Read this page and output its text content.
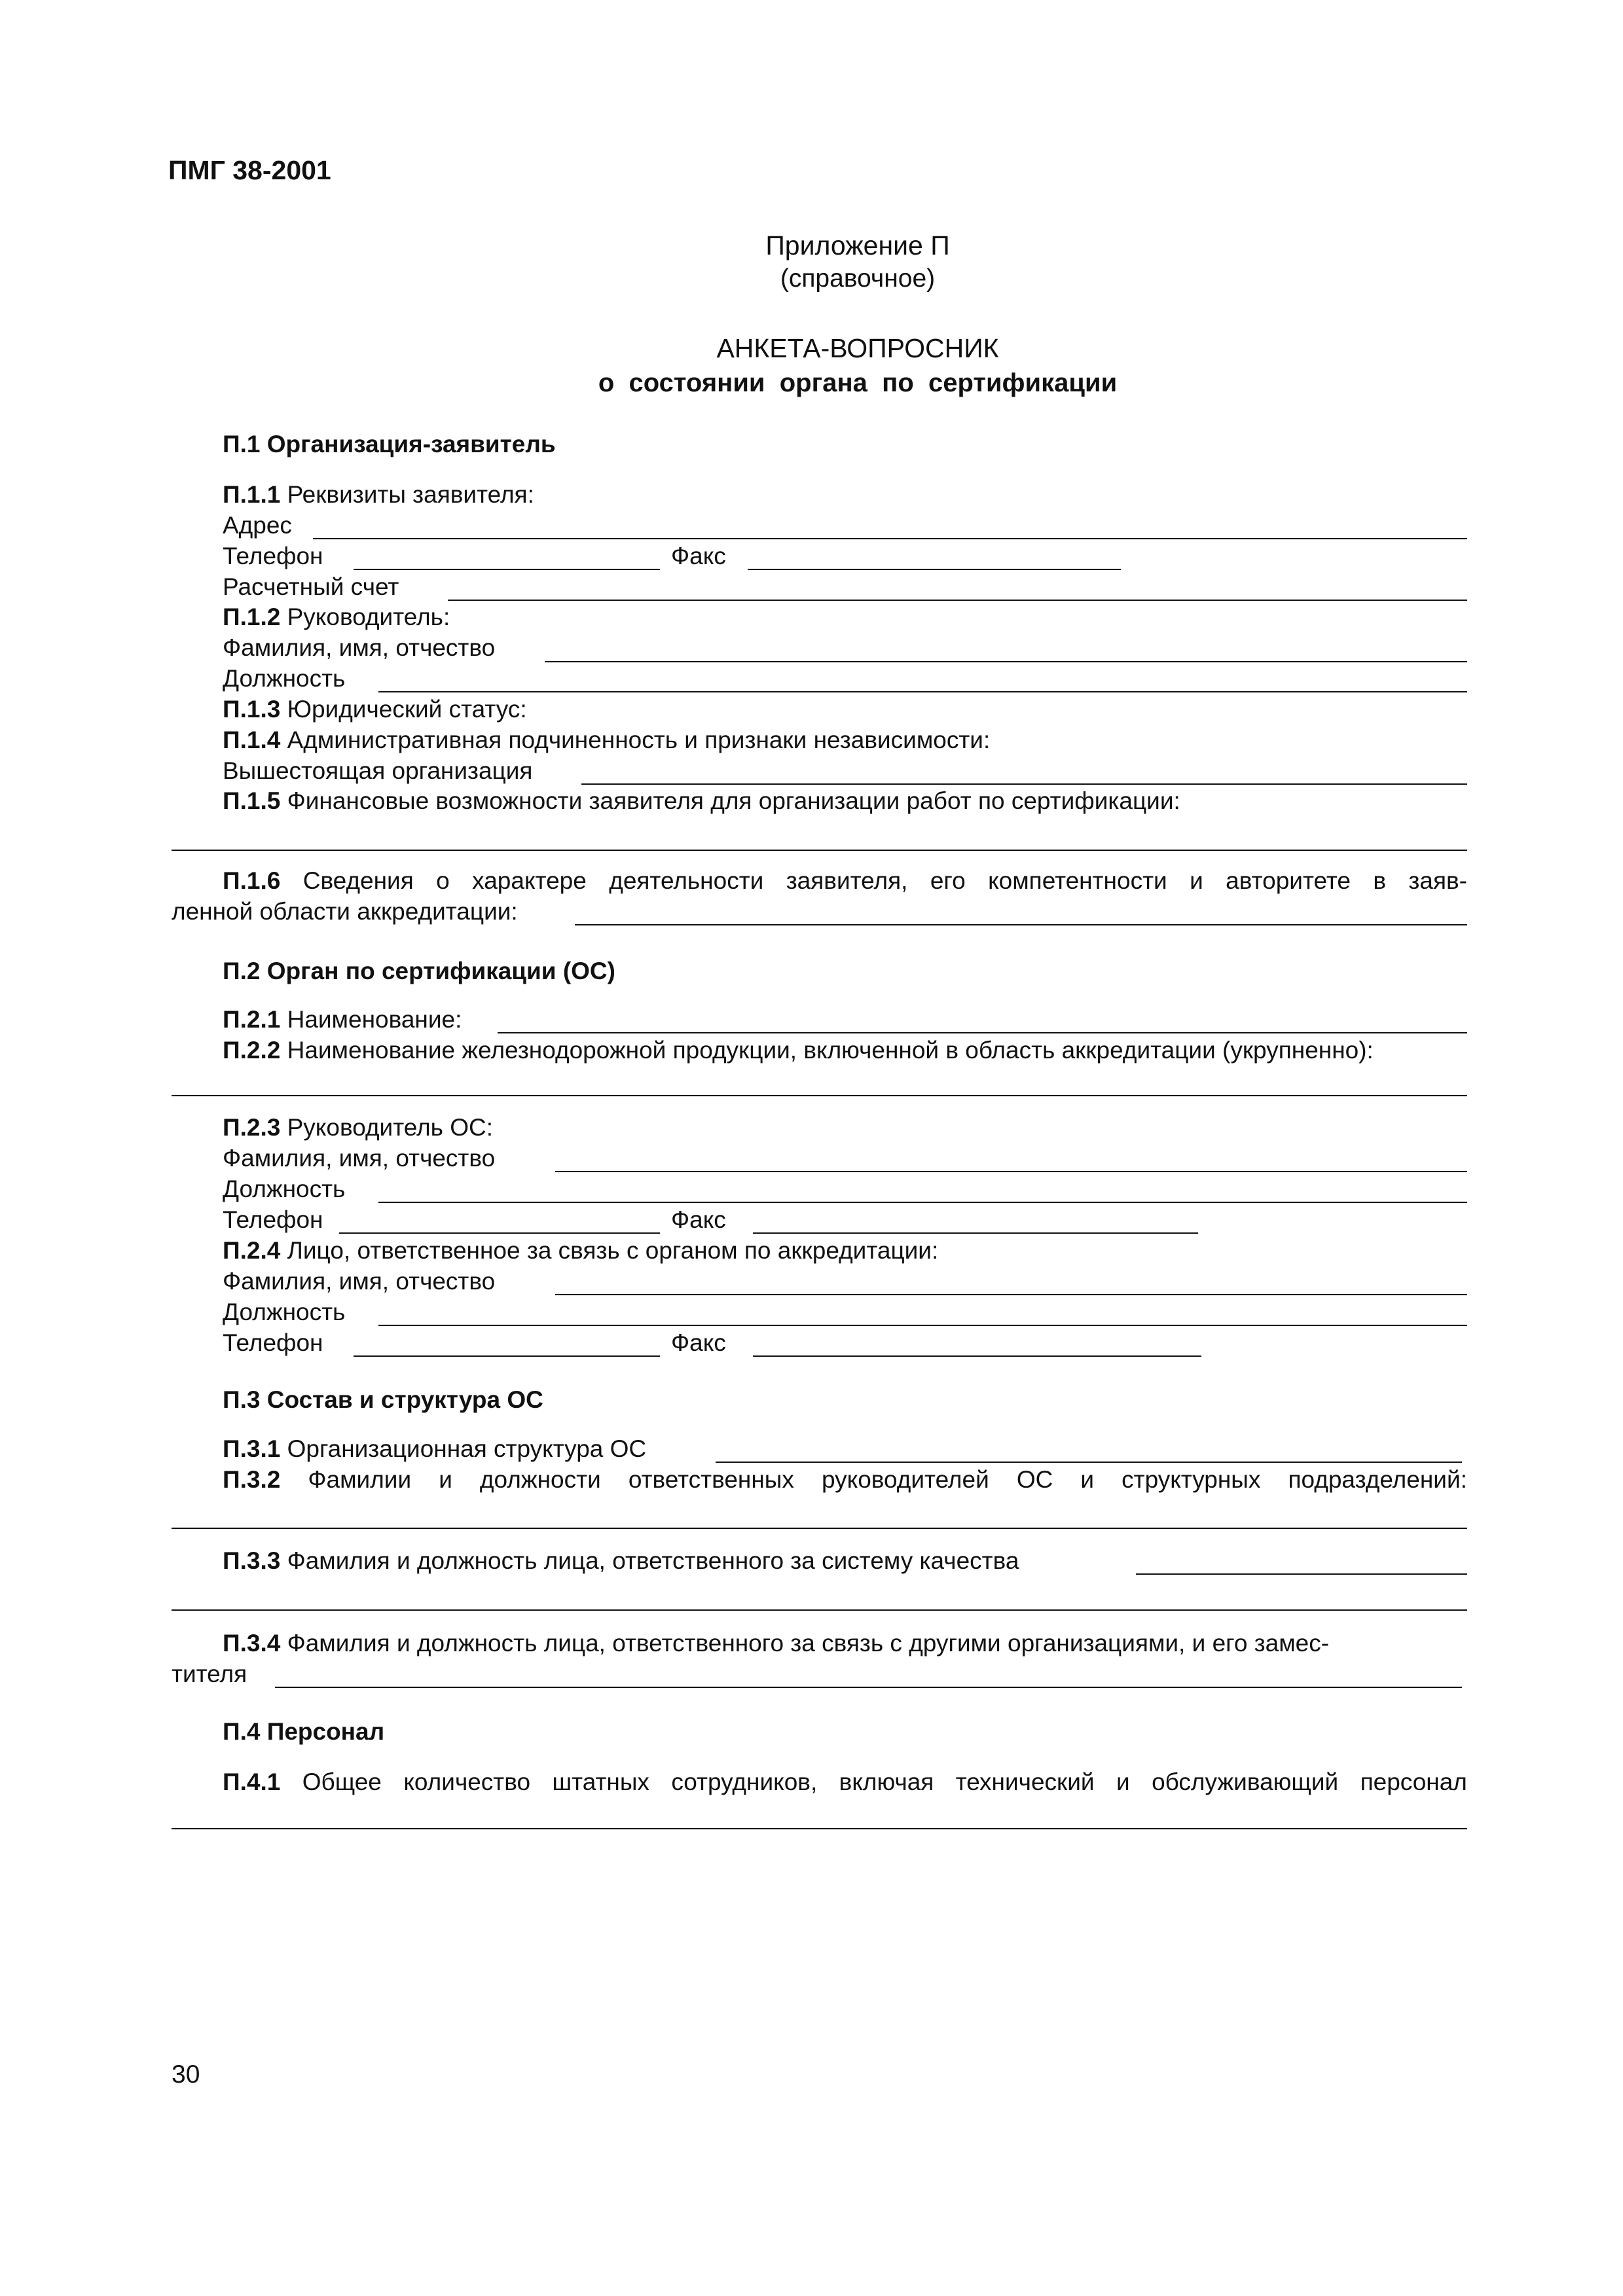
ПМГ 38-2001
Приложение П
(справочное)
АНКЕТА-ВОПРОСНИК
о  состоянии  органа  по  сертификации
П.1 Организация-заявитель
П.1.1 Реквизиты заявителя:
Адрес
Телефон	Факс
Расчетный счет
П.1.2 Руководитель:
Фамилия, имя, отчество
Должность
П.1.3 Юридический статус:
П.1.4 Административная подчиненность и признаки независимости:
Вышестоящая организация
П.1.5 Финансовые возможности заявителя для организации работ по сертификации:
П.1.6 Сведения о характере деятельности заявителя, его компетентности и авторитете в заяв-
ленной области аккредитации:
П.2 Орган по сертификации (ОС)
П.2.1 Наименование:
П.2.2 Наименование железнодорожной продукции, включенной в область аккредитации (укрупненно):
П.2.3 Руководитель ОС:
Фамилия, имя, отчество
Должность
Телефон	Факс
П.2.4 Лицо, ответственное за связь с органом по аккредитации:
Фамилия, имя, отчество
Должность
Телефон	Факс
П.3 Состав и структура ОС
П.3.1 Организационная структура ОС
П.3.2 Фамилии и должности ответственных руководителей ОС и структурных подразделений:
П.3.3 Фамилия и должность лица, ответственного за систему качества
П.3.4 Фамилия и должность лица, ответственного за связь с другими организациями, и его замес-
тителя
П.4 Персонал
П.4.1 Общее количество штатных сотрудников, включая технический и обслуживающий персонал
30
